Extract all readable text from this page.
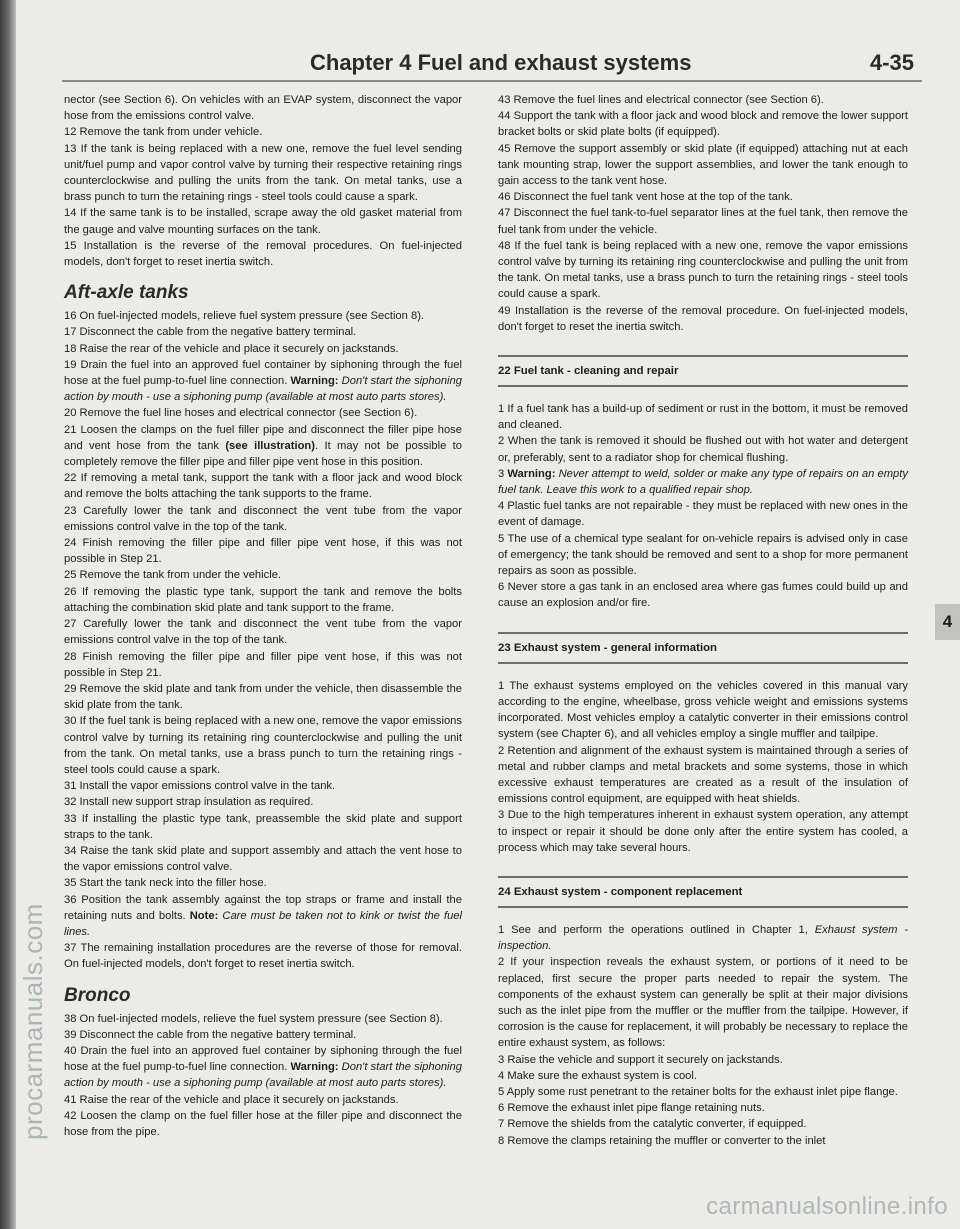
Chapter 4 Fuel and exhaust systems	4-35

nector (see Section 6). On vehicles with an EVAP system, disconnect the vapor hose from the emissions control valve.

12 Remove the tank from under vehicle.

13 If the tank is being replaced with a new one, remove the fuel level sending unit/fuel pump and vapor control valve by turning their respective retaining rings counterclockwise and pulling the units from the tank. On metal tanks, use a brass punch to turn the retaining rings - steel tools could cause a spark.

14 If the same tank is to be installed, scrape away the old gasket material from the gauge and valve mounting surfaces on the tank.

15 Installation is the reverse of the removal procedures. On fuel-injected models, don't forget to reset inertia switch.

Aft-axle tanks

16 On fuel-injected models, relieve fuel system pressure (see Section 8).

17 Disconnect the cable from the negative battery terminal.

18 Raise the rear of the vehicle and place it securely on jackstands.

19 Drain the fuel into an approved fuel container by siphoning through the fuel hose at the fuel pump-to-fuel line connection. Warning: Don't start the siphoning action by mouth - use a siphoning pump (available at most auto parts stores).

20 Remove the fuel line hoses and electrical connector (see Section 6).

21 Loosen the clamps on the fuel filler pipe and disconnect the filler pipe hose and vent hose from the tank (see illustration). It may not be possible to completely remove the filler pipe and filler pipe vent hose in this position.

22 If removing a metal tank, support the tank with a floor jack and wood block and remove the bolts attaching the tank supports to the frame.

23 Carefully lower the tank and disconnect the vent tube from the vapor emissions control valve in the top of the tank.

24 Finish removing the filler pipe and filler pipe vent hose, if this was not possible in Step 21.

25 Remove the tank from under the vehicle.

26 If removing the plastic type tank, support the tank and remove the bolts attaching the combination skid plate and tank support to the frame.

27 Carefully lower the tank and disconnect the vent tube from the vapor emissions control valve in the top of the tank.

28 Finish removing the filler pipe and filler pipe vent hose, if this was not possible in Step 21.

29 Remove the skid plate and tank from under the vehicle, then disassemble the skid plate from the tank.

30 If the fuel tank is being replaced with a new one, remove the vapor emissions control valve by turning its retaining ring counterclockwise and pulling the unit from the tank. On metal tanks, use a brass punch to turn the retaining rings - steel tools could cause a spark.

31 Install the vapor emissions control valve in the tank.

32 Install new support strap insulation as required.

33 If installing the plastic type tank, preassemble the skid plate and support straps to the tank.

34 Raise the tank skid plate and support assembly and attach the vent hose to the vapor emissions control valve.

35 Start the tank neck into the filler hose.

36 Position the tank assembly against the top straps or frame and install the retaining nuts and bolts. Note: Care must be taken not to kink or twist the fuel lines.

37 The remaining installation procedures are the reverse of those for removal. On fuel-injected models, don't forget to reset inertia switch.

Bronco

38 On fuel-injected models, relieve the fuel system pressure (see Section 8).

39 Disconnect the cable from the negative battery terminal.

40 Drain the fuel into an approved fuel container by siphoning through the fuel hose at the fuel pump-to-fuel line connection. Warning: Don't start the siphoning action by mouth - use a siphoning pump (available at most auto parts stores).

41 Raise the rear of the vehicle and place it securely on jackstands.

42 Loosen the clamp on the fuel filler hose at the filler pipe and disconnect the hose from the pipe.

43 Remove the fuel lines and electrical connector (see Section 6).

44 Support the tank with a floor jack and wood block and remove the lower support bracket bolts or skid plate bolts (if equipped).

45 Remove the support assembly or skid plate (if equipped) attaching nut at each tank mounting strap, lower the support assemblies, and lower the tank enough to gain access to the tank vent hose.

46 Disconnect the fuel tank vent hose at the top of the tank.

47 Disconnect the fuel tank-to-fuel separator lines at the fuel tank, then remove the fuel tank from under the vehicle.

48 If the fuel tank is being replaced with a new one, remove the vapor emissions control valve by turning its retaining ring counterclockwise and pulling the unit from the tank. On metal tanks, use a brass punch to turn the retaining rings - steel tools could cause a spark.

49 Installation is the reverse of the removal procedure. On fuel-injected models, don't forget to reset the inertia switch.

22 Fuel tank - cleaning and repair

1 If a fuel tank has a build-up of sediment or rust in the bottom, it must be removed and cleaned.

2 When the tank is removed it should be flushed out with hot water and detergent or, preferably, sent to a radiator shop for chemical flushing.

3 Warning: Never attempt to weld, solder or make any type of repairs on an empty fuel tank. Leave this work to a qualified repair shop.

4 Plastic fuel tanks are not repairable - they must be replaced with new ones in the event of damage.

5 The use of a chemical type sealant for on-vehicle repairs is advised only in case of emergency; the tank should be removed and sent to a shop for more permanent repairs as soon as possible.

6 Never store a gas tank in an enclosed area where gas fumes could build up and cause an explosion and/or fire.

23 Exhaust system - general information

1 The exhaust systems employed on the vehicles covered in this manual vary according to the engine, wheelbase, gross vehicle weight and emissions systems incorporated. Most vehicles employ a catalytic converter in their emissions control system (see Chapter 6), and all vehicles employ a single muffler and tailpipe.

2 Retention and alignment of the exhaust system is maintained through a series of metal and rubber clamps and metal brackets and some systems, those in which excessive exhaust temperatures are created as a result of the insulation of emissions control equipment, are equipped with heat shields.

3 Due to the high temperatures inherent in exhaust system operation, any attempt to inspect or repair it should be done only after the entire system has cooled, a process which may take several hours.

24 Exhaust system - component replacement

1 See and perform the operations outlined in Chapter 1, Exhaust system - inspection.

2 If your inspection reveals the exhaust system, or portions of it need to be replaced, first secure the proper parts needed to repair the system. The components of the exhaust system can generally be split at their major divisions such as the inlet pipe from the muffler or the muffler from the tailpipe. However, if corrosion is the cause for replacement, it will probably be necessary to replace the entire exhaust system, as follows:

3 Raise the vehicle and support it securely on jackstands.

4 Make sure the exhaust system is cool.

5 Apply some rust penetrant to the retainer bolts for the exhaust inlet pipe flange.

6 Remove the exhaust inlet pipe flange retaining nuts.

7 Remove the shields from the catalytic converter, if equipped.

8 Remove the clamps retaining the muffler or converter to the inlet

4
procarmanuals.com
carmanualsonline.info
